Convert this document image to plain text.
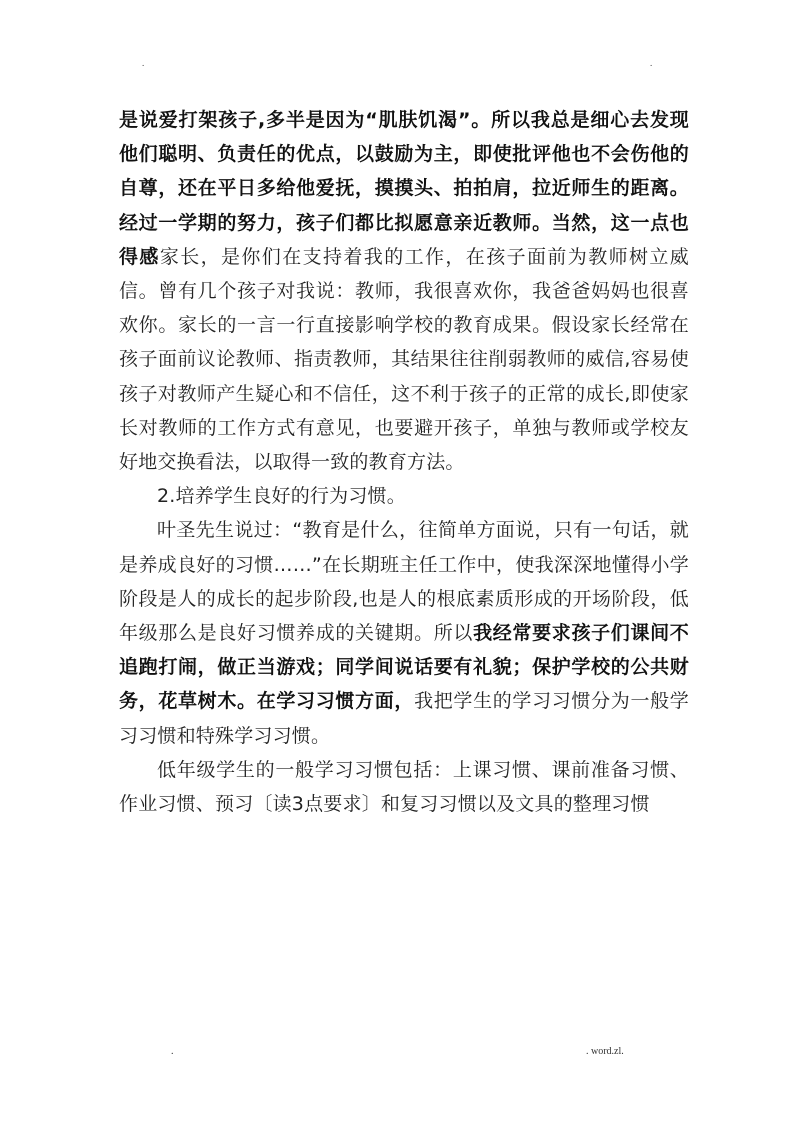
.	.

是说爱打架孩子,多半是因为“肌肤饥渴”。所以我总是细心去发现他们聪明、负责任的优点，以鼓励为主，即使批评他也不会伤他的自尊，还在平日多给他爱抚，摸摸头、拍拍肩，拉近师生的距离。经过一学期的努力，孩子们都比拟愿意亲近教师。当然，这一点也得感家长，是你们在支持着我的工作，在孩子面前为教师树立威信。曾有几个孩子对我说：教师，我很喜欢你，我爸爸妈妈也很喜欢你。家长的一言一行直接影响学校的教育成果。假设家长经常在孩子面前议论教师、指责教师，其结果往往削弱教师的威信,容易使孩子对教师产生疑心和不信任，这不利于孩子的正常的成长,即使家长对教师的工作方式有意见，也要避开孩子，单独与教师或学校友好地交换看法，以取得一致的教育方法。

2.培养学生良好的行为习惯。

叶圣先生说过：“教育是什么，往简单方面说，只有一句话，就是养成良好的习惯……”在长期班主任工作中，使我深深地懂得小学阶段是人的成长的起步阶段,也是人的根底素质形成的开场阶段，低年级那么是良好习惯养成的关键期。所以我经常要求孩子们课间不追跑打闹，做正当游戏；同学间说话要有礼貌；保护学校的公共财务，花草树木。在学习习惯方面，我把学生的学习习惯分为一般学习习惯和特殊学习习惯。

低年级学生的一般学习习惯包括：上课习惯、课前准备习惯、作业习惯、预习〔读3点要求〕和复习习惯以及文具的整理习惯

.	. word.zl.
